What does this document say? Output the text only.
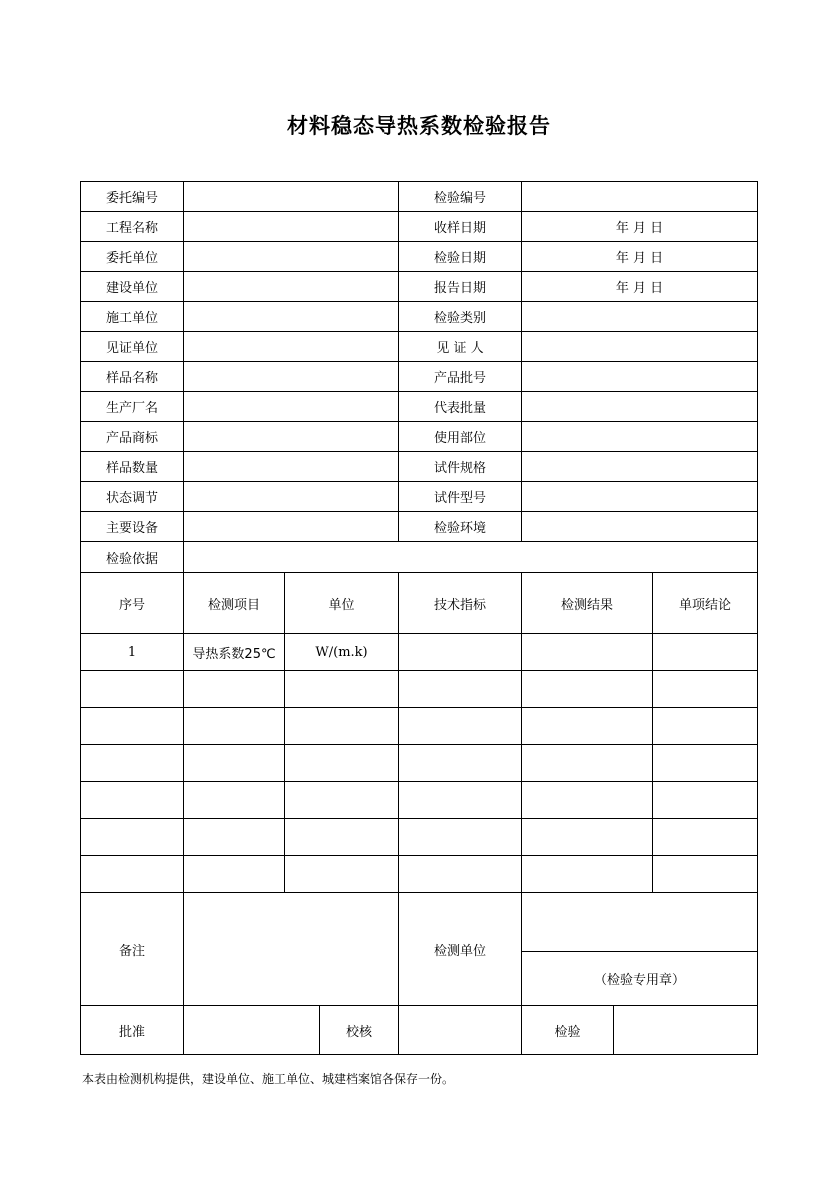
材料稳态导热系数检验报告
委托编号				检验编号			
工程名称				收样日期	年 月 日		
委托单位				检验日期	年 月 日		
建设单位				报告日期	年 月 日		
施工单位				检验类别			
见证单位				见 证 人			
样品名称				产品批号			
生产厂名				代表批量			
产品商标				使用部位			
样品数量				试件规格			
状态调节				试件型号			
主要设备				检验环境			
检验依据							
序号	检测项目	单位		技术指标	检测结果		单项结论
1	导热系数25℃	W/(m.k)					

备注				检测单位			
					（检验专用章）		
批准			校核		检验		
本表由检测机构提供，建设单位、施工单位、城建档案馆各保存一份。
